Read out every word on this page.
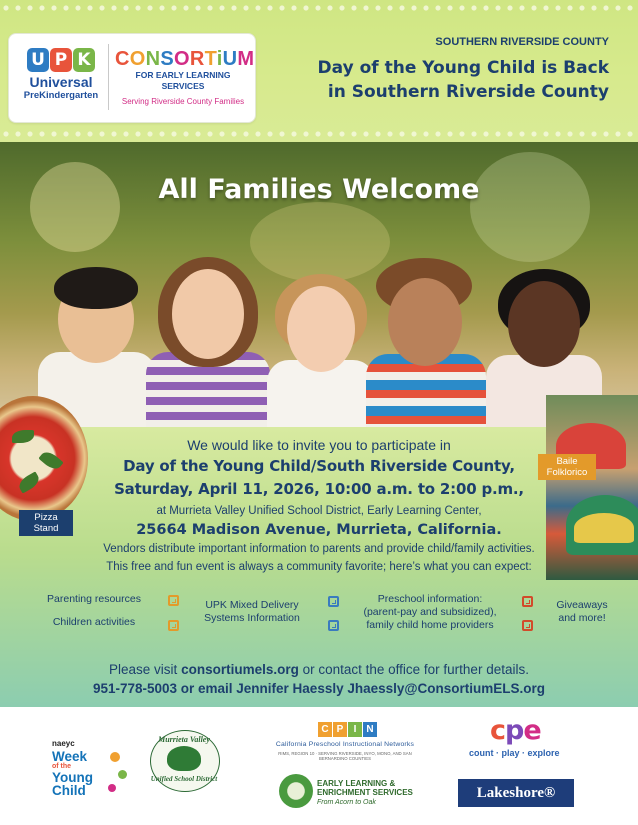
U P K
Universal
PreKindergarten
CONSORTiUM
FOR EARLY LEARNING SERVICES
Serving Riverside County Families
SOUTHERN RIVERSIDE COUNTY
Day of the Young Child is Back
in Southern Riverside County
All Families Welcome
Pizza
Stand
Baile
Folklorico
We would like to invite you to participate in
Day of the Young Child/South Riverside County,
Saturday, April 11, 2026, 10:00 a.m. to 2:00 p.m.,
at Murrieta Valley Unified School District, Early Learning Center,
25664 Madison Avenue, Murrieta, California.
Vendors distribute important information to parents and provide child/family activities.
This free and fun event is always a community favorite; here’s what you can expect:
Parenting resources
Children activities
UPK Mixed Delivery
Systems Information
Preschool information:
(parent-pay and subsidized),
family child home providers
Giveaways
and more!
Please visit consortiumels.org or contact the office for further details.
951-778-5003 or email Jennifer Haessly Jhaessly@ConsortiumELS.org
naeyc
Week
of the
Young
Child
Murrieta Valley
Unified School District
C P	I N
California Preschool Instructional Networks
RIMS, REGION 10 · SERVING RIVERSIDE, INYO, MONO, AND SAN BERNARDINO COUNTIES
EARLY LEARNING &
ENRICHMENT SERVICES
From Acorn to Oak
cpe
count · play · explore
Lakeshore®
